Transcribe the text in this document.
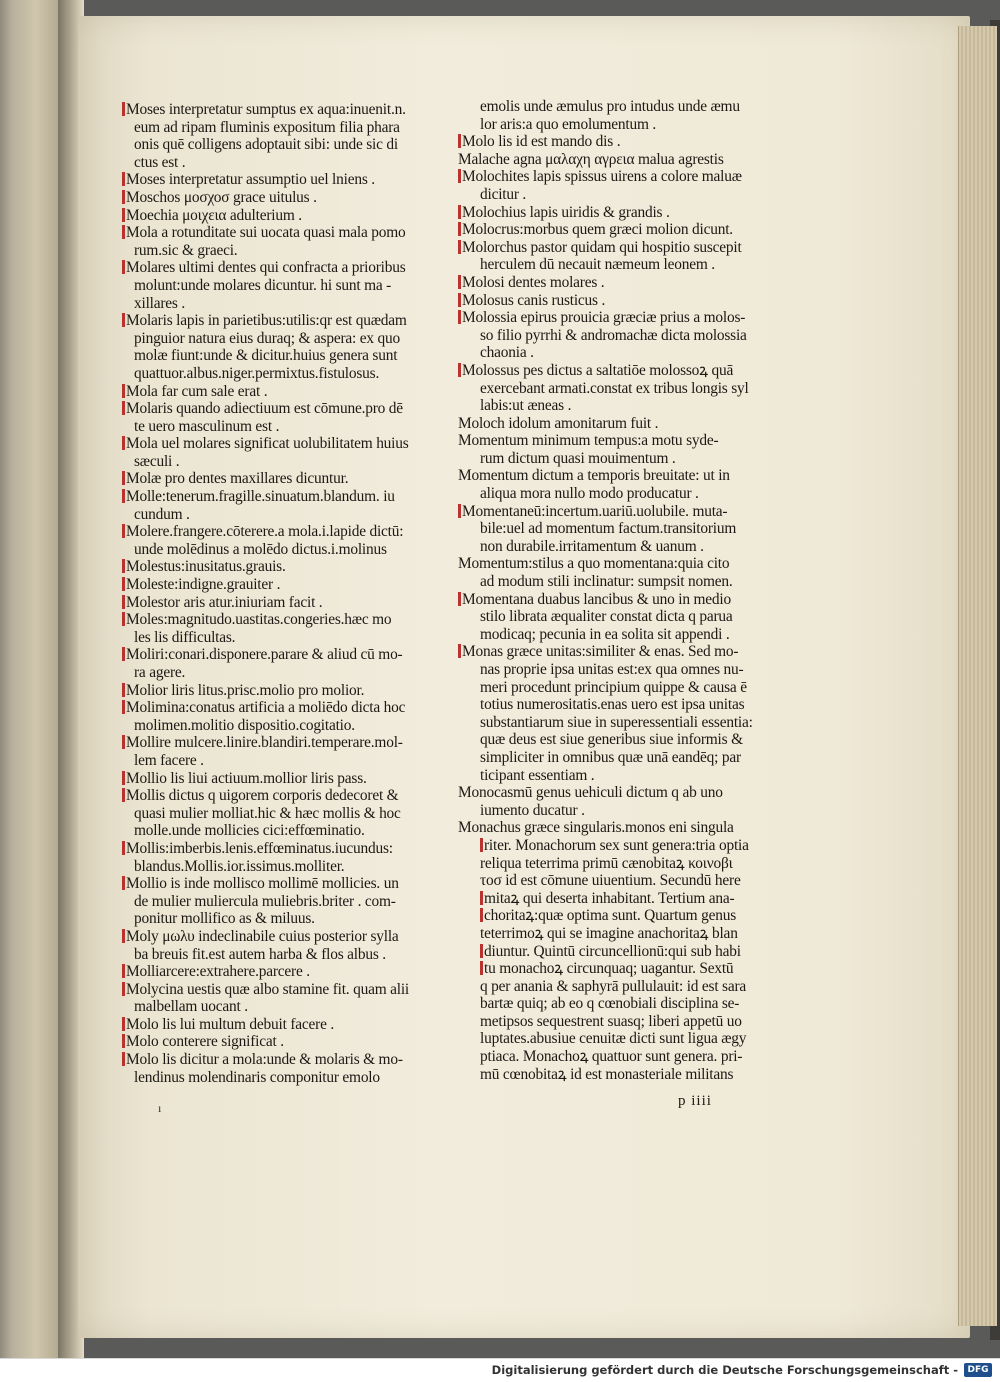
Moses interpretatur sumptus ex aqua:inuenit.n.
eum ad ripam fluminis expositum filia phara
onis quē colligens adoptauit sibi: unde sic di
ctus est .
Moses interpretatur assumptio uel lniens .
Moschos μοσχοσ grace uitulus .
Moechia μοιχεια adulterium .
Mola a rotunditate sui uocata quasi mala pomo
rum.sic & graeci.
Molares ultimi dentes qui confracta a prioribus
molunt:unde molares dicuntur. hi sunt ma -
xillares .
Molaris lapis in parietibus:utilis:qr est quædam
pinguior natura eius duraq; & aspera: ex quo
molæ fiunt:unde & dicitur.huius genera sunt
quattuor.albus.niger.permixtus.fistulosus.
Mola far cum sale erat .
Molaris quando adiectiuum est cōmune.pro dē
te uero masculinum est .
Mola uel molares significat uolubilitatem huius
sæculi .
Molæ pro dentes maxillares dicuntur.
Molle:tenerum.fragille.sinuatum.blandum. iu
cundum .
Molere.frangere.cōterere.a mola.i.lapide dictū:
unde molēdinus a molēdo dictus.i.molinus
Molestus:inusitatus.grauis.
Moleste:indigne.grauiter .
Molestor aris atur.iniuriam facit .
Moles:magnitudo.uastitas.congeries.hæc mo
les lis difficultas.
Moliri:conari.disponere.parare & aliud cū mo-
ra agere.
Molior liris litus.prisc.molio pro molior.
Molimina:conatus artificia a moliēdo dicta hoc
molimen.molitio dispositio.cogitatio.
Mollire mulcere.linire.blandiri.temperare.mol-
lem facere .
Mollio lis liui actiuum.mollior liris pass.
Mollis dictus q uigorem corporis dedecoret &
quasi mulier molliat.hic & hæc mollis & hoc
molle.unde mollicies cici:effœminatio.
Mollis:imberbis.lenis.effœminatus.iucundus:
blandus.Mollis.ior.issimus.molliter.
Mollio is inde mollisco mollimē mollicies. un
de mulier muliercula muliebris.briter . com-
ponitur mollifico as & miluus.
Moly μωλυ indeclinabile cuius posterior sylla
ba breuis fit.est autem harba & flos albus .
Molliarcere:extrahere.parcere .
Molycina uestis quæ albo stamine fit. quam alii
malbellam uocant .
Molo lis lui multum debuit facere .
Molo conterere significat .
Molo lis dicitur a mola:unde & molaris & mo-
lendinus molendinaris componitur emolo
emolis unde æmulus pro intudus unde æmu
lor aris:a quo emolumentum .
Molo lis id est mando dis .
Malache agna μαλαχη αγρεια malua agrestis
Molochites lapis spissus uirens a colore maluæ
dicitur .
Molochius lapis uiridis & grandis .
Molocrus:morbus quem græci molion dicunt.
Molorchus pastor quidam qui hospitio suscepit
herculem dū necauit næmeum leonem .
Molosi dentes molares .
Molosus canis rusticus .
Molossia epirus prouicia græciæ prius a molos-
so filio pyrrhi & andromachæ dicta molossia
chaonia .
Molossus pes dictus a saltatiōe molossoꝝ quā
exercebant armati.constat ex tribus longis syl
labis:ut æneas .
Moloch idolum amonitarum fuit .
Momentum minimum tempus:a motu syde-
rum dictum quasi mouimentum .
Momentum dictum a temporis breuitate: ut in
aliqua mora nullo modo producatur .
Momentaneū:incertum.uariū.uolubile. muta-
bile:uel ad momentum factum.transitorium
non durabile.irritamentum & uanum .
Momentum:stilus a quo momentana:quia cito
ad modum stili inclinatur: sumpsit nomen.
Momentana duabus lancibus & uno in medio
stilo librata æqualiter constat dicta q parua
modicaq; pecunia in ea solita sit appendi .
Monas græce unitas:similiter & enas. Sed mo-
nas proprie ipsa unitas est:ex qua omnes nu-
meri procedunt principium quippe & causa ē
totius numerositatis.enas uero est ipsa unitas
substantiarum siue in superessentiali essentia:
quæ deus est siue generibus siue informis &
simpliciter in omnibus quæ unā eandēq; par
ticipant essentiam .
Monocasmū genus uehiculi dictum q ab uno
iumento ducatur .
Monachus græce singularis.monos eni singula
riter. Monachorum sex sunt genera:tria optia
reliqua teterrima primū cænobitaꝝ κοινοβι
τοσ id est cōmune uiuentium. Secundū here
mitaꝝ qui deserta inhabitant. Tertium ana-
choritaꝝ:quæ optima sunt. Quartum genus
teterrimoꝝ qui se imagine anachoritaꝝ blan
diuntur. Quintū circuncellionū:qui sub habi
tu monachoꝝ circunquaq; uagantur. Sextū
q per anania & saphyrā pullulauit: id est sara
bartæ quiq; ab eo q cœnobiali disciplina se-
metipsos sequestrent suasq; liberi appetū uo
luptates.abusiue cenuitæ dicti sunt ligua ægy
ptiaca. Monachoꝝ quattuor sunt genera. pri-
mū cœnobitaꝝ id est monasteriale militans
p iiii
ı
Digitalisierung gefördert durch die Deutsche Forschungsgemeinschaft -	DFG
